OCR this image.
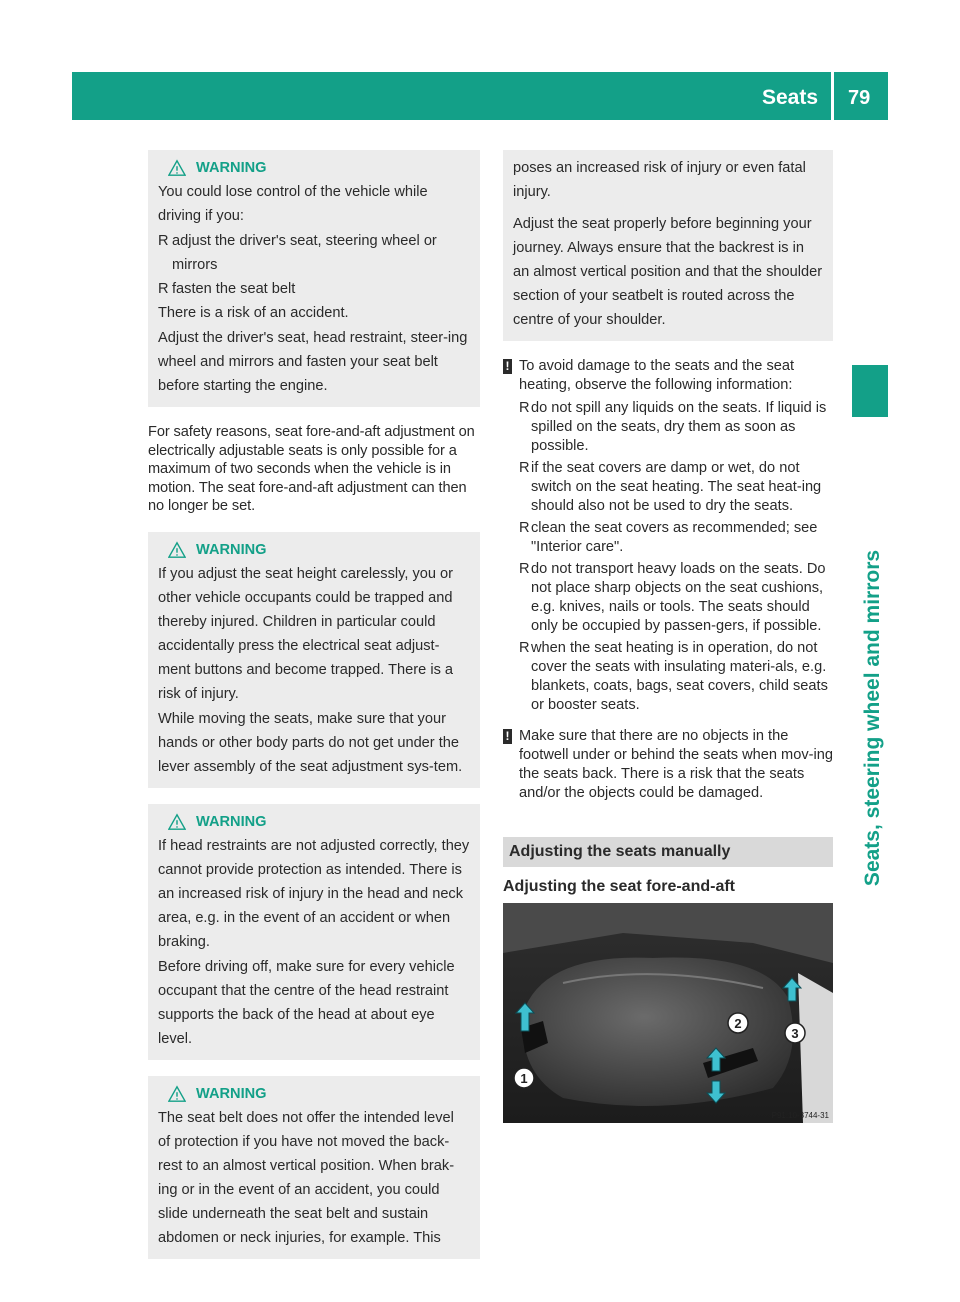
Seats 79
Seats, steering wheel and mirrors
WARNING

You could lose control of the vehicle while driving if you:

R adjust the driver's seat, steering wheel or mirrors
R fasten the seat belt

There is a risk of an accident.

Adjust the driver's seat, head restraint, steer-ing wheel and mirrors and fasten your seat belt before starting the engine.

For safety reasons, seat fore-and-aft adjustment on electrically adjustable seats is only possible for a maximum of two seconds when the vehicle is in motion. The seat fore-and-aft adjustment can then no longer be set.

WARNING

If you adjust the seat height carelessly, you or other vehicle occupants could be trapped and thereby injured. Children in particular could accidentally press the electrical seat adjust-ment buttons and become trapped. There is a risk of injury.

While moving the seats, make sure that your hands or other body parts do not get under the lever assembly of the seat adjustment sys-tem.

WARNING

If head restraints are not adjusted correctly, they cannot provide protection as intended. There is an increased risk of injury in the head and neck area, e.g. in the event of an accident or when braking.

Before driving off, make sure for every vehicle occupant that the centre of the head restraint supports the back of the head at about eye level.

WARNING

The seat belt does not offer the intended level of protection if you have not moved the back-rest to an almost vertical position. When brak-ing or in the event of an accident, you could slide underneath the seat belt and sustain abdomen or neck injuries, for example. This

poses an increased risk of injury or even fatal injury.

Adjust the seat properly before beginning your journey. Always ensure that the backrest is in an almost vertical position and that the shoulder section of your seatbelt is routed across the centre of your shoulder.

! To avoid damage to the seats and the seat heating, observe the following information:
R do not spill any liquids on the seats. If liquid is spilled on the seats, dry them as soon as possible.
R if the seat covers are damp or wet, do not switch on the seat heating. The seat heat-ing should also not be used to dry the seats.
R clean the seat covers as recommended; see "Interior care".
R do not transport heavy loads on the seats. Do not place sharp objects on the seat cushions, e.g. knives, nails or tools. The seats should only be occupied by passen-gers, if possible.
R when the seat heating is in operation, do not cover the seats with insulating materi-als, e.g. blankets, coats, bags, seat covers, child seats or booster seats.
! Make sure that there are no objects in the footwell under or behind the seats when mov-ing the seats back. There is a risk that the seats and/or the objects could be damaged.
Adjusting the seats manually
Adjusting the seat fore-and-aft
1
2
3
P91.10-3744-31
